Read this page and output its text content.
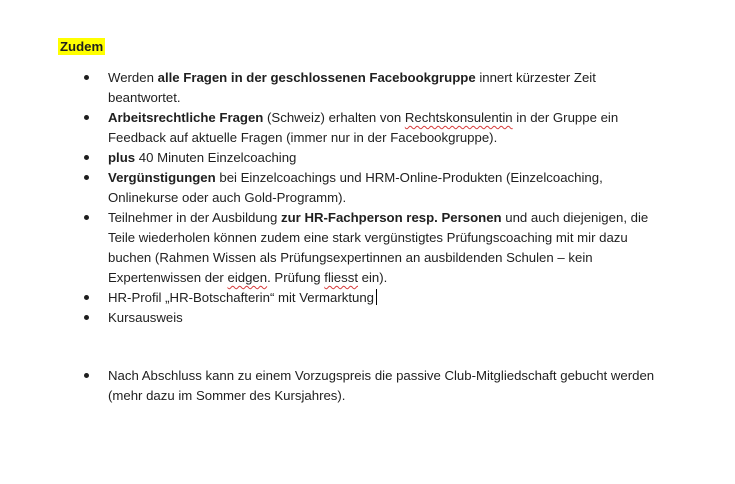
Zudem
Werden alle Fragen in der geschlossenen Facebookgruppe innert kürzester Zeit
beantwortet.
Arbeitsrechtliche Fragen (Schweiz) erhalten von Rechtskonsulentin in der Gruppe ein
Feedback auf aktuelle Fragen (immer nur in der Facebookgruppe).
plus 40 Minuten Einzelcoaching
Vergünstigungen bei Einzelcoachings und HRM-Online-Produkten (Einzelcoaching,
Onlinekurse oder auch Gold-Programm).
Teilnehmer in der Ausbildung zur HR-Fachperson resp. Personen und auch diejenigen, die
Teile wiederholen können zudem eine stark vergünstigtes Prüfungscoaching mit mir dazu
buchen (Rahmen Wissen als Prüfungsexpertinnen an ausbildenden Schulen – kein
Expertenwissen der eidgen. Prüfung fliesst ein).
HR-Profil „HR-Botschafterin“ mit Vermarktung
Kursausweis
Nach Abschluss kann zu einem Vorzugspreis die passive Club-Mitgliedschaft gebucht werden
(mehr dazu im Sommer des Kursjahres).
